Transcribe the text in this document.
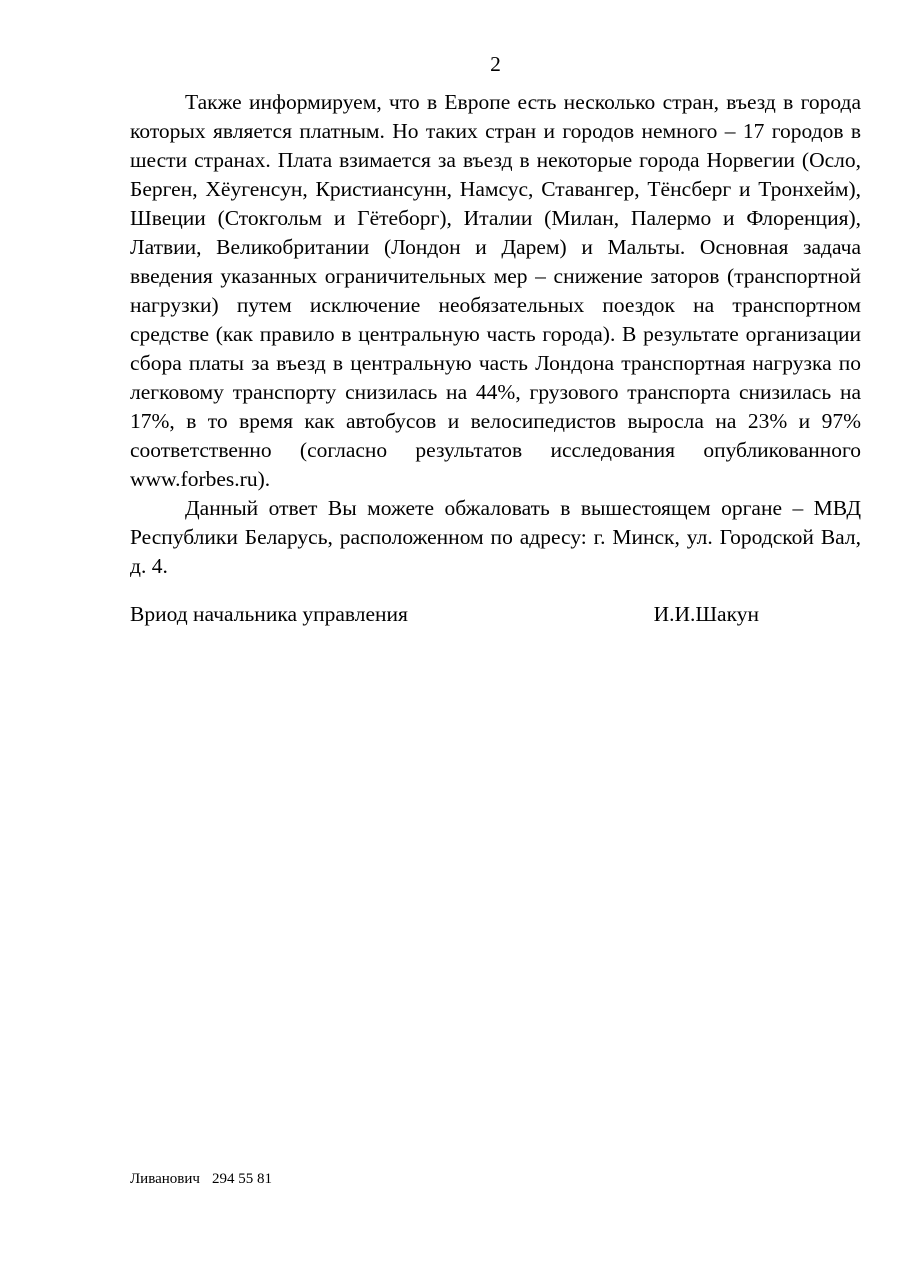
2

Также информируем, что в Европе есть несколько стран, въезд в города которых является платным. Но таких стран и городов немного – 17 городов в шести странах. Плата взимается за въезд в некоторые города Норвегии (Осло, Берген, Хёугенсун, Кристиансунн, Намсус, Ставангер, Тёнсберг и Тронхейм), Швеции (Стокгольм и Гётеборг), Италии (Милан, Палермо и Флоренция), Латвии, Великобритании (Лондон и Дарем) и Мальты. Основная задача введения указанных ограничительных мер – снижение заторов (транспортной нагрузки) путем исключение необязательных поездок на транспортном средстве (как правило в центральную часть города). В результате организации сбора платы за въезд в центральную часть Лондона транспортная нагрузка по легковому транспорту снизилась на 44%, грузового транспорта снизилась на 17%, в то время как автобусов и велосипедистов выросла на 23% и 97% соответственно (согласно результатов исследования опубликованного www.forbes.ru).

Данный ответ Вы можете обжаловать в вышестоящем органе – МВД Республики Беларусь, расположенном по адресу: г. Минск, ул. Городской Вал, д. 4.

Вриод начальника управления	И.И.Шакун
Ливанович 294 55 81
